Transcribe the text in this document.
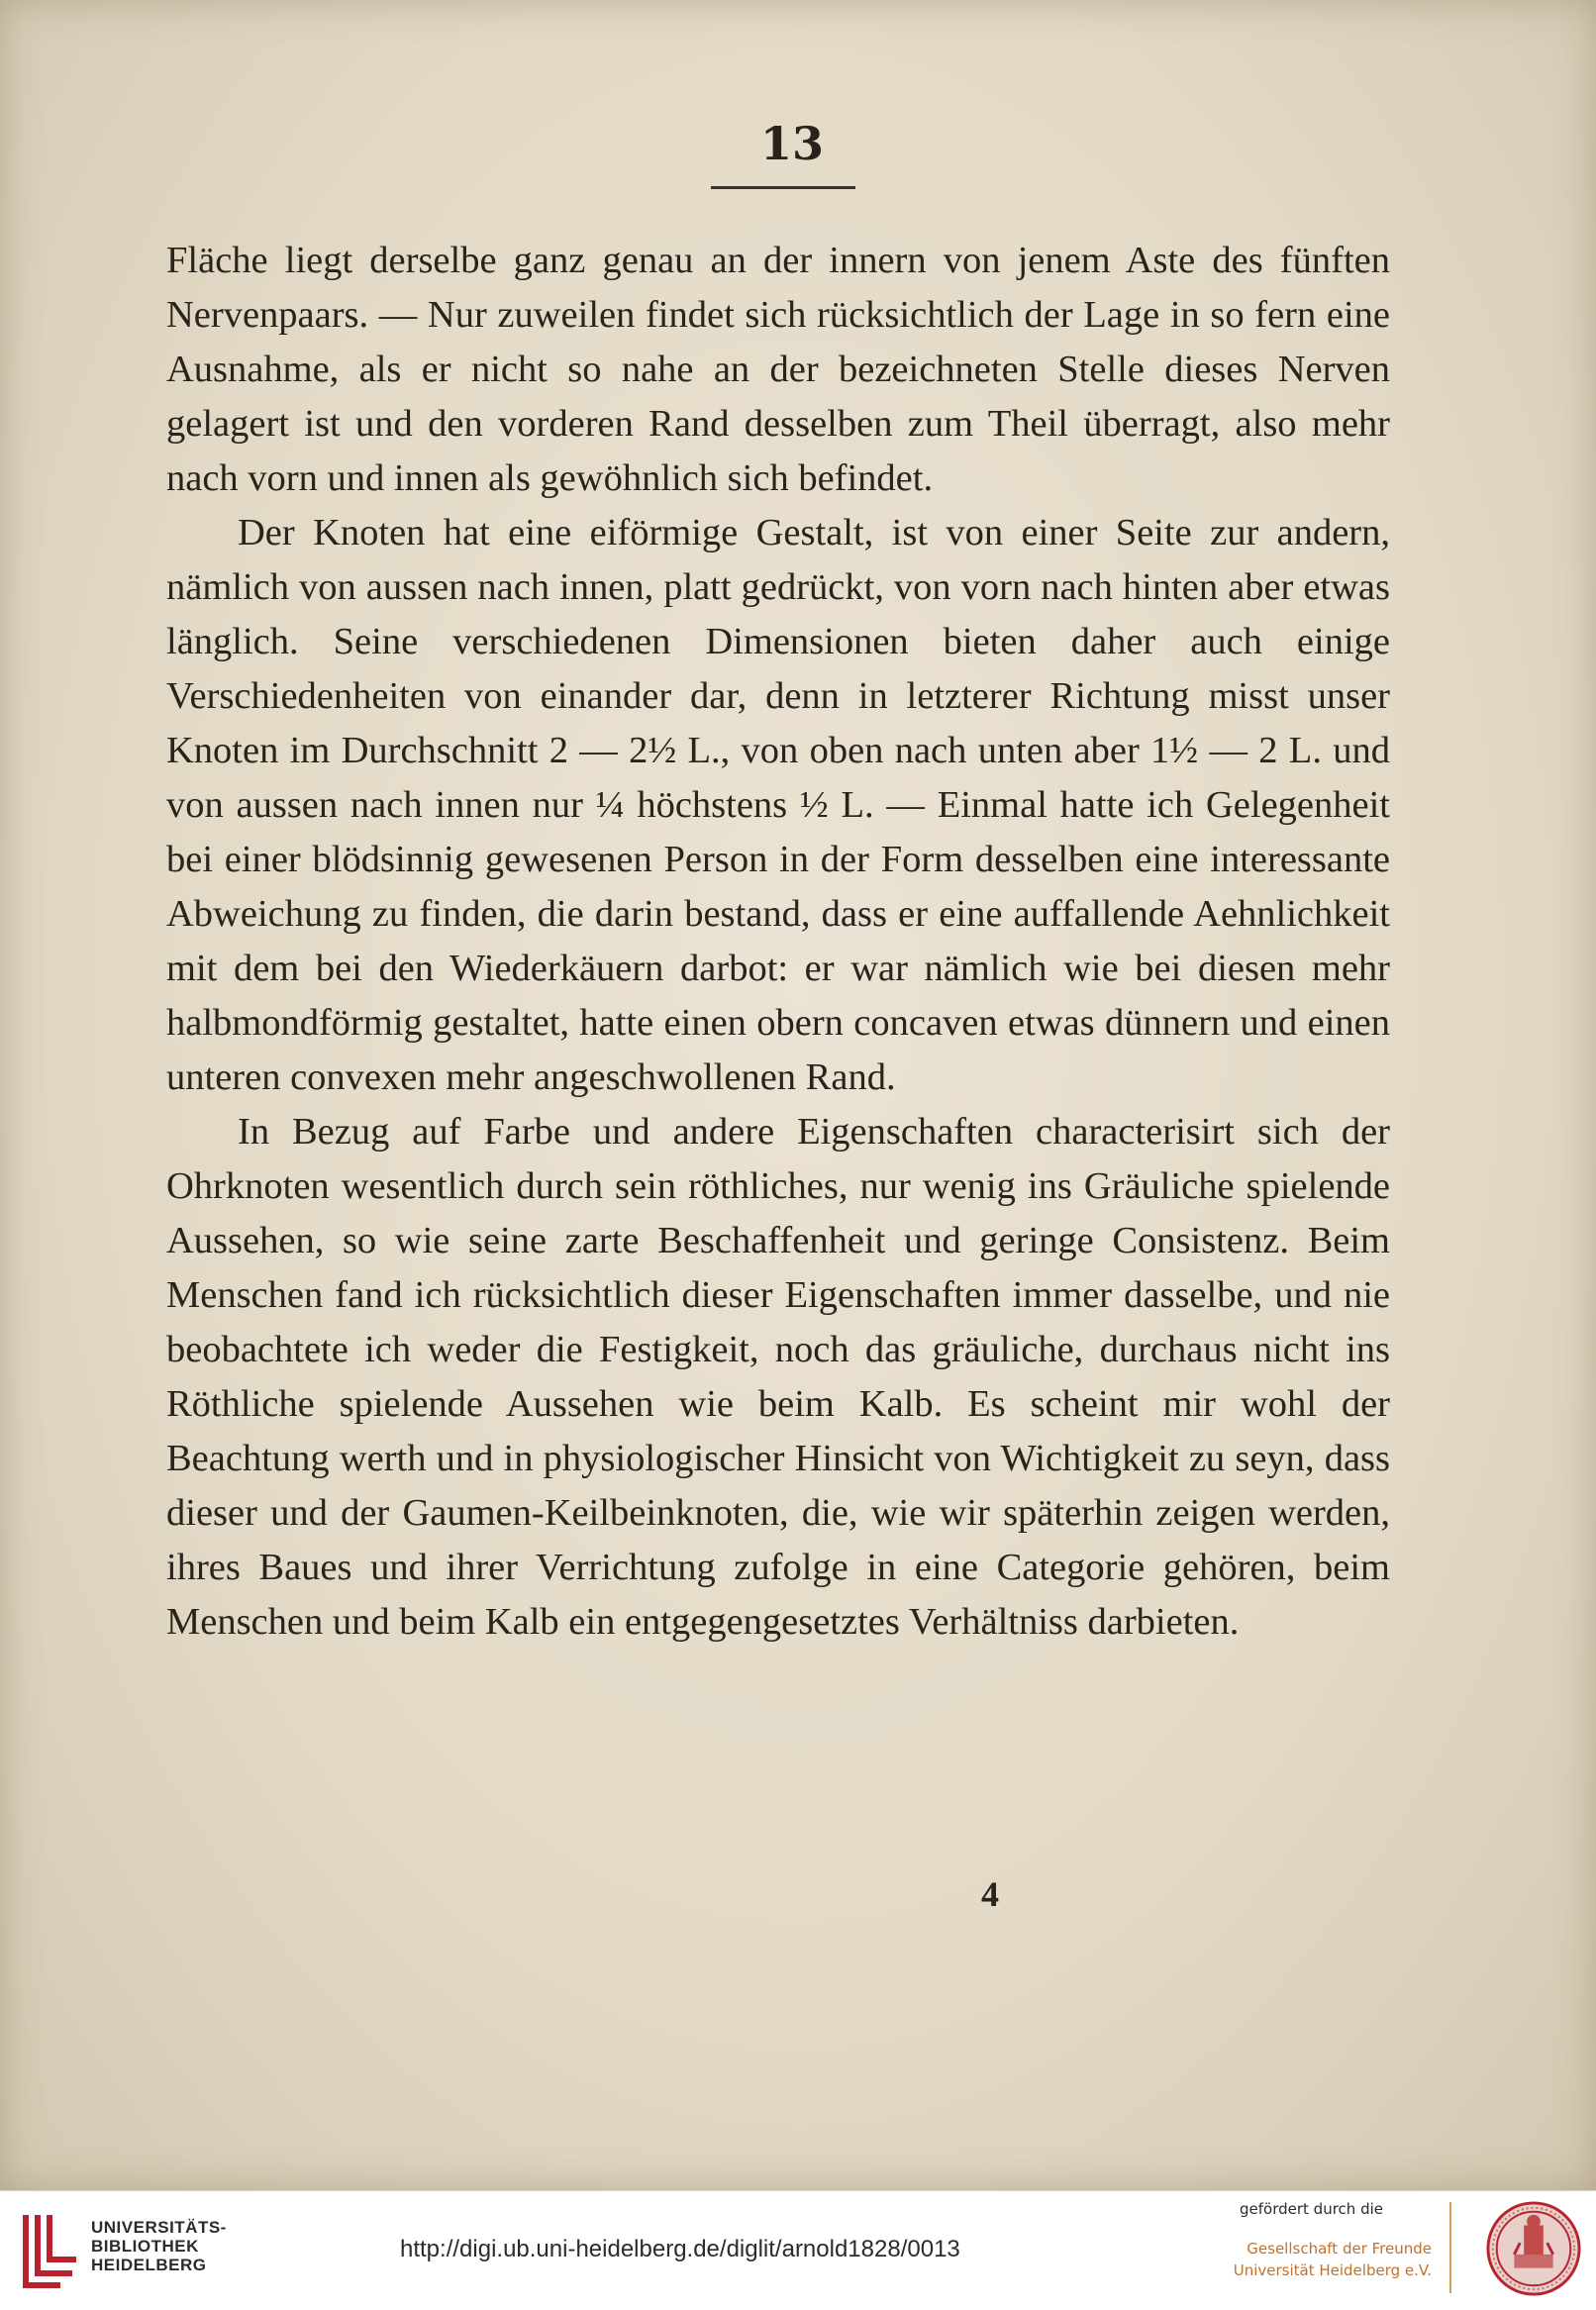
13

Fläche liegt derselbe ganz genau an der innern von jenem Aste des fünften Nervenpaars. — Nur zuweilen findet sich rücksichtlich der Lage in so fern eine Ausnahme, als er nicht so nahe an der bezeichneten Stelle dieses Nerven gelagert ist und den vorderen Rand desselben zum Theil überragt, also mehr nach vorn und innen als gewöhnlich sich befindet.

Der Knoten hat eine eiförmige Gestalt, ist von einer Seite zur andern, nämlich von aussen nach innen, platt gedrückt, von vorn nach hinten aber etwas länglich. Seine verschiedenen Dimensionen bieten daher auch einige Verschiedenheiten von einander dar, denn in letzterer Richtung misst unser Knoten im Durchschnitt 2 — 2½ L., von oben nach unten aber 1½ — 2 L. und von aussen nach innen nur ¼ höchstens ½ L. — Einmal hatte ich Gelegenheit bei einer blödsinnig gewesenen Person in der Form desselben eine interessante Abweichung zu finden, die darin bestand, dass er eine auffallende Aehnlichkeit mit dem bei den Wiederkäuern darbot: er war nämlich wie bei diesen mehr halbmondförmig gestaltet, hatte einen obern concaven etwas dünnern und einen unteren convexen mehr angeschwollenen Rand.

In Bezug auf Farbe und andere Eigenschaften characterisirt sich der Ohrknoten wesentlich durch sein röthliches, nur wenig ins Gräuliche spielende Aussehen, so wie seine zarte Beschaffenheit und geringe Consistenz. Beim Menschen fand ich rücksichtlich dieser Eigenschaften immer dasselbe, und nie beobachtete ich weder die Festigkeit, noch das gräuliche, durchaus nicht ins Röthliche spielende Aussehen wie beim Kalb. Es scheint mir wohl der Beachtung werth und in physiologischer Hinsicht von Wichtigkeit zu seyn, dass dieser und der Gaumen-Keilbeinknoten, die, wie wir späterhin zeigen werden, ihres Baues und ihrer Verrichtung zufolge in eine Categorie gehören, beim Menschen und beim Kalb ein entgegengesetztes Verhältniss darbieten.

4
UNIVERSITÄTS-
BIBLIOTHEK
HEIDELBERG
http://digi.ub.uni-heidelberg.de/diglit/arnold1828/0013
gefördert durch die
Gesellschaft der Freunde
Universität Heidelberg e.V.
